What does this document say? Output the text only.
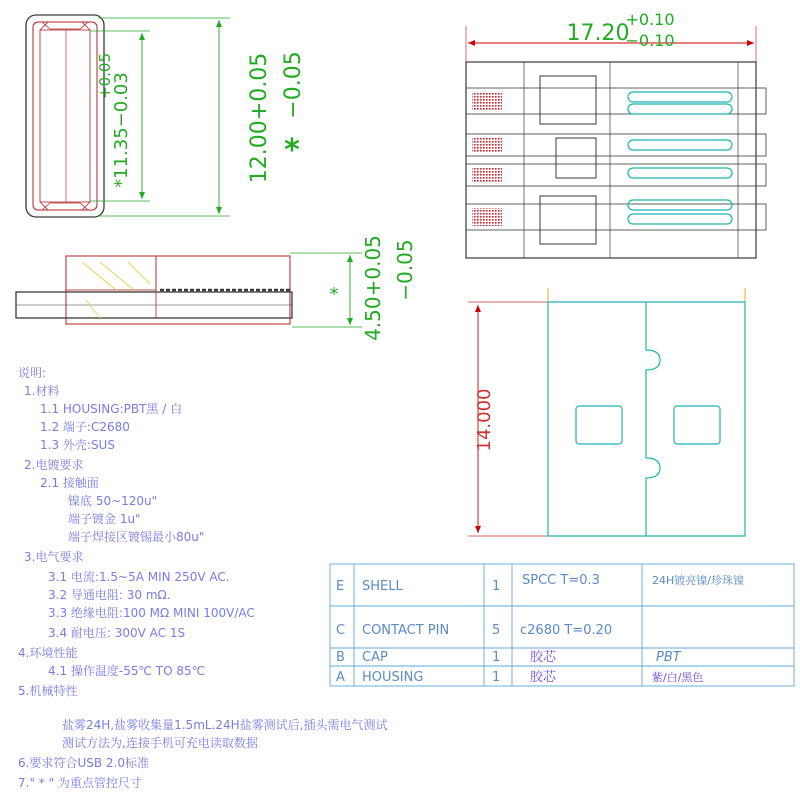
*11.35−0.03
+0.05	12.00+0.05 −0.05
*
4.50+0.05 −0.05
*
17.20
+0.10
−0.10
14.000
E SHELL	1 SPCC T=0.3	24H镀亮镍/珍珠镍
C CONTACT PIN	5 c2680 T=0.20
B CAP	1 胶芯	PBT
A HOUSING	1 胶芯	紫/白/黑色

说明:

1.材料

1.1 HOUSING:PBT黑 / 白

1.2 端子:C2680

1.3 外壳:SUS

2.电镀要求

2.1 接触面

镍底 50~120u"

端子镀金 1u"

端子焊接区镀锡最小80u"

3.电气要求

3.1 电流:1.5~5A MIN 250V AC.

3.2 导通电阻: 30 mΩ.

3.3 绝缘电阻:100 MΩ MINI 100V/AC

3.4 耐电压: 300V AC 1S

4.环境性能

4.1 操作温度-55℃ TO 85℃

5.机械特性

盐雾24H,盐雾收集量1.5mL.24H盐雾测试后,插头需电气测试

测试方法为,连接手机可充电读取数据

6.要求符合USB 2.0标准

7." * " 为重点管控尺寸
